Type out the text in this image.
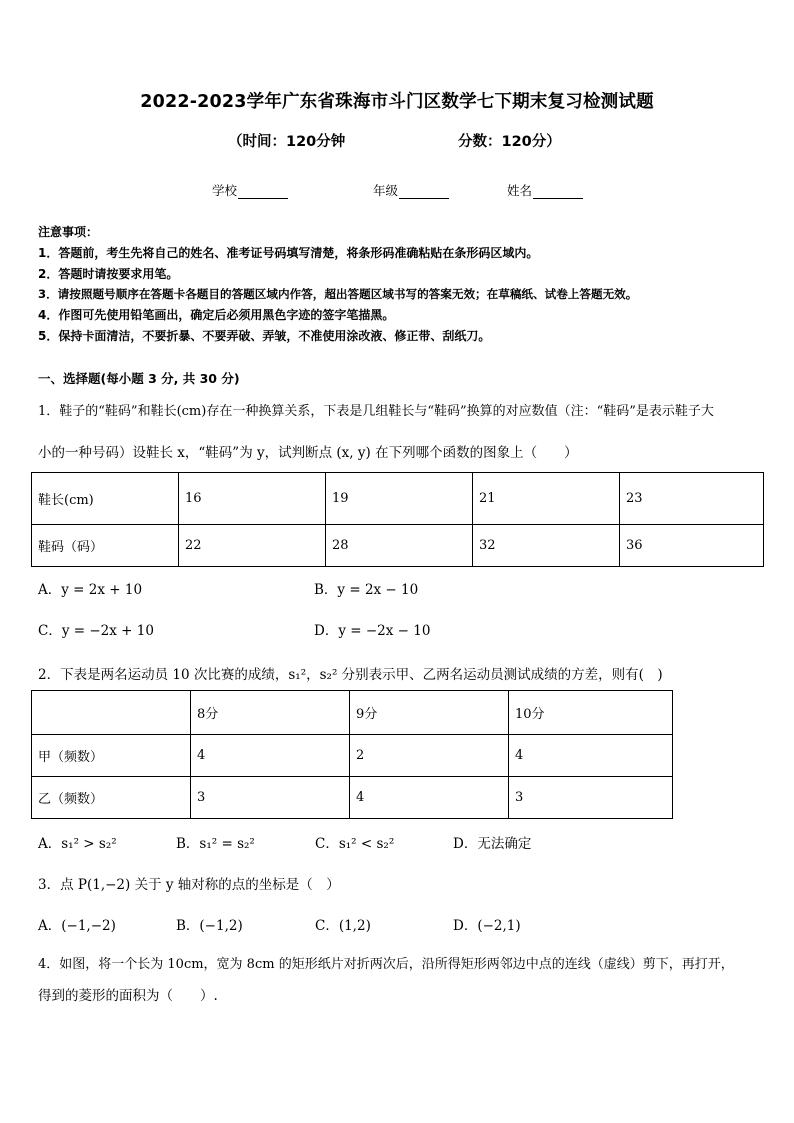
2022-2023学年广东省珠海市斗门区数学七下期末复习检测试题
（时间：120分钟	分数：120分）
学校	年级	姓名
注意事项：
1．答题前，考生先将自己的姓名、准考证号码填写清楚，将条形码准确粘贴在条形码区域内。
2．答题时请按要求用笔。
3．请按照题号顺序在答题卡各题目的答题区域内作答，超出答题区域书写的答案无效；在草稿纸、试卷上答题无效。
4．作图可先使用铅笔画出，确定后必须用黑色字迹的签字笔描黑。
5．保持卡面清洁，不要折暴、不要弄破、弄皱，不准使用涂改液、修正带、刮纸刀。
一、选择题(每小题 3 分, 共 30 分)
1．鞋子的“鞋码”和鞋长(cm)存在一种换算关系，下表是几组鞋长与“鞋码”换算的对应数值（注：“鞋码”是表示鞋子大
小的一种号码）设鞋长 x，“鞋码”为 y，试判断点 (x, y) 在下列哪个函数的图象上（　　）
鞋长(cm)	16	19	21	23
鞋码（码）	22	28	32	36
A．y = 2x + 10	B．y = 2x − 10
C．y = −2x + 10	D．y = −2x − 10
2．下表是两名运动员 10 次比赛的成绩，s₁²，s₂² 分别表示甲、乙两名运动员测试成绩的方差，则有(　)
	8分	9分	10分
甲（频数）	4	2	4
乙（频数）	3	4	3
A．s₁² > s₂²	B．s₁² = s₂²	C．s₁² < s₂²	D．无法确定
3．点 P(1,−2) 关于 y 轴对称的点的坐标是（　）
A．(−1,−2)	B．(−1,2)	C．(1,2)	D．(−2,1)
4．如图，将一个长为 10cm，宽为 8cm 的矩形纸片对折两次后，沿所得矩形两邻边中点的连线（虚线）剪下，再打开，
得到的菱形的面积为（　　）.
